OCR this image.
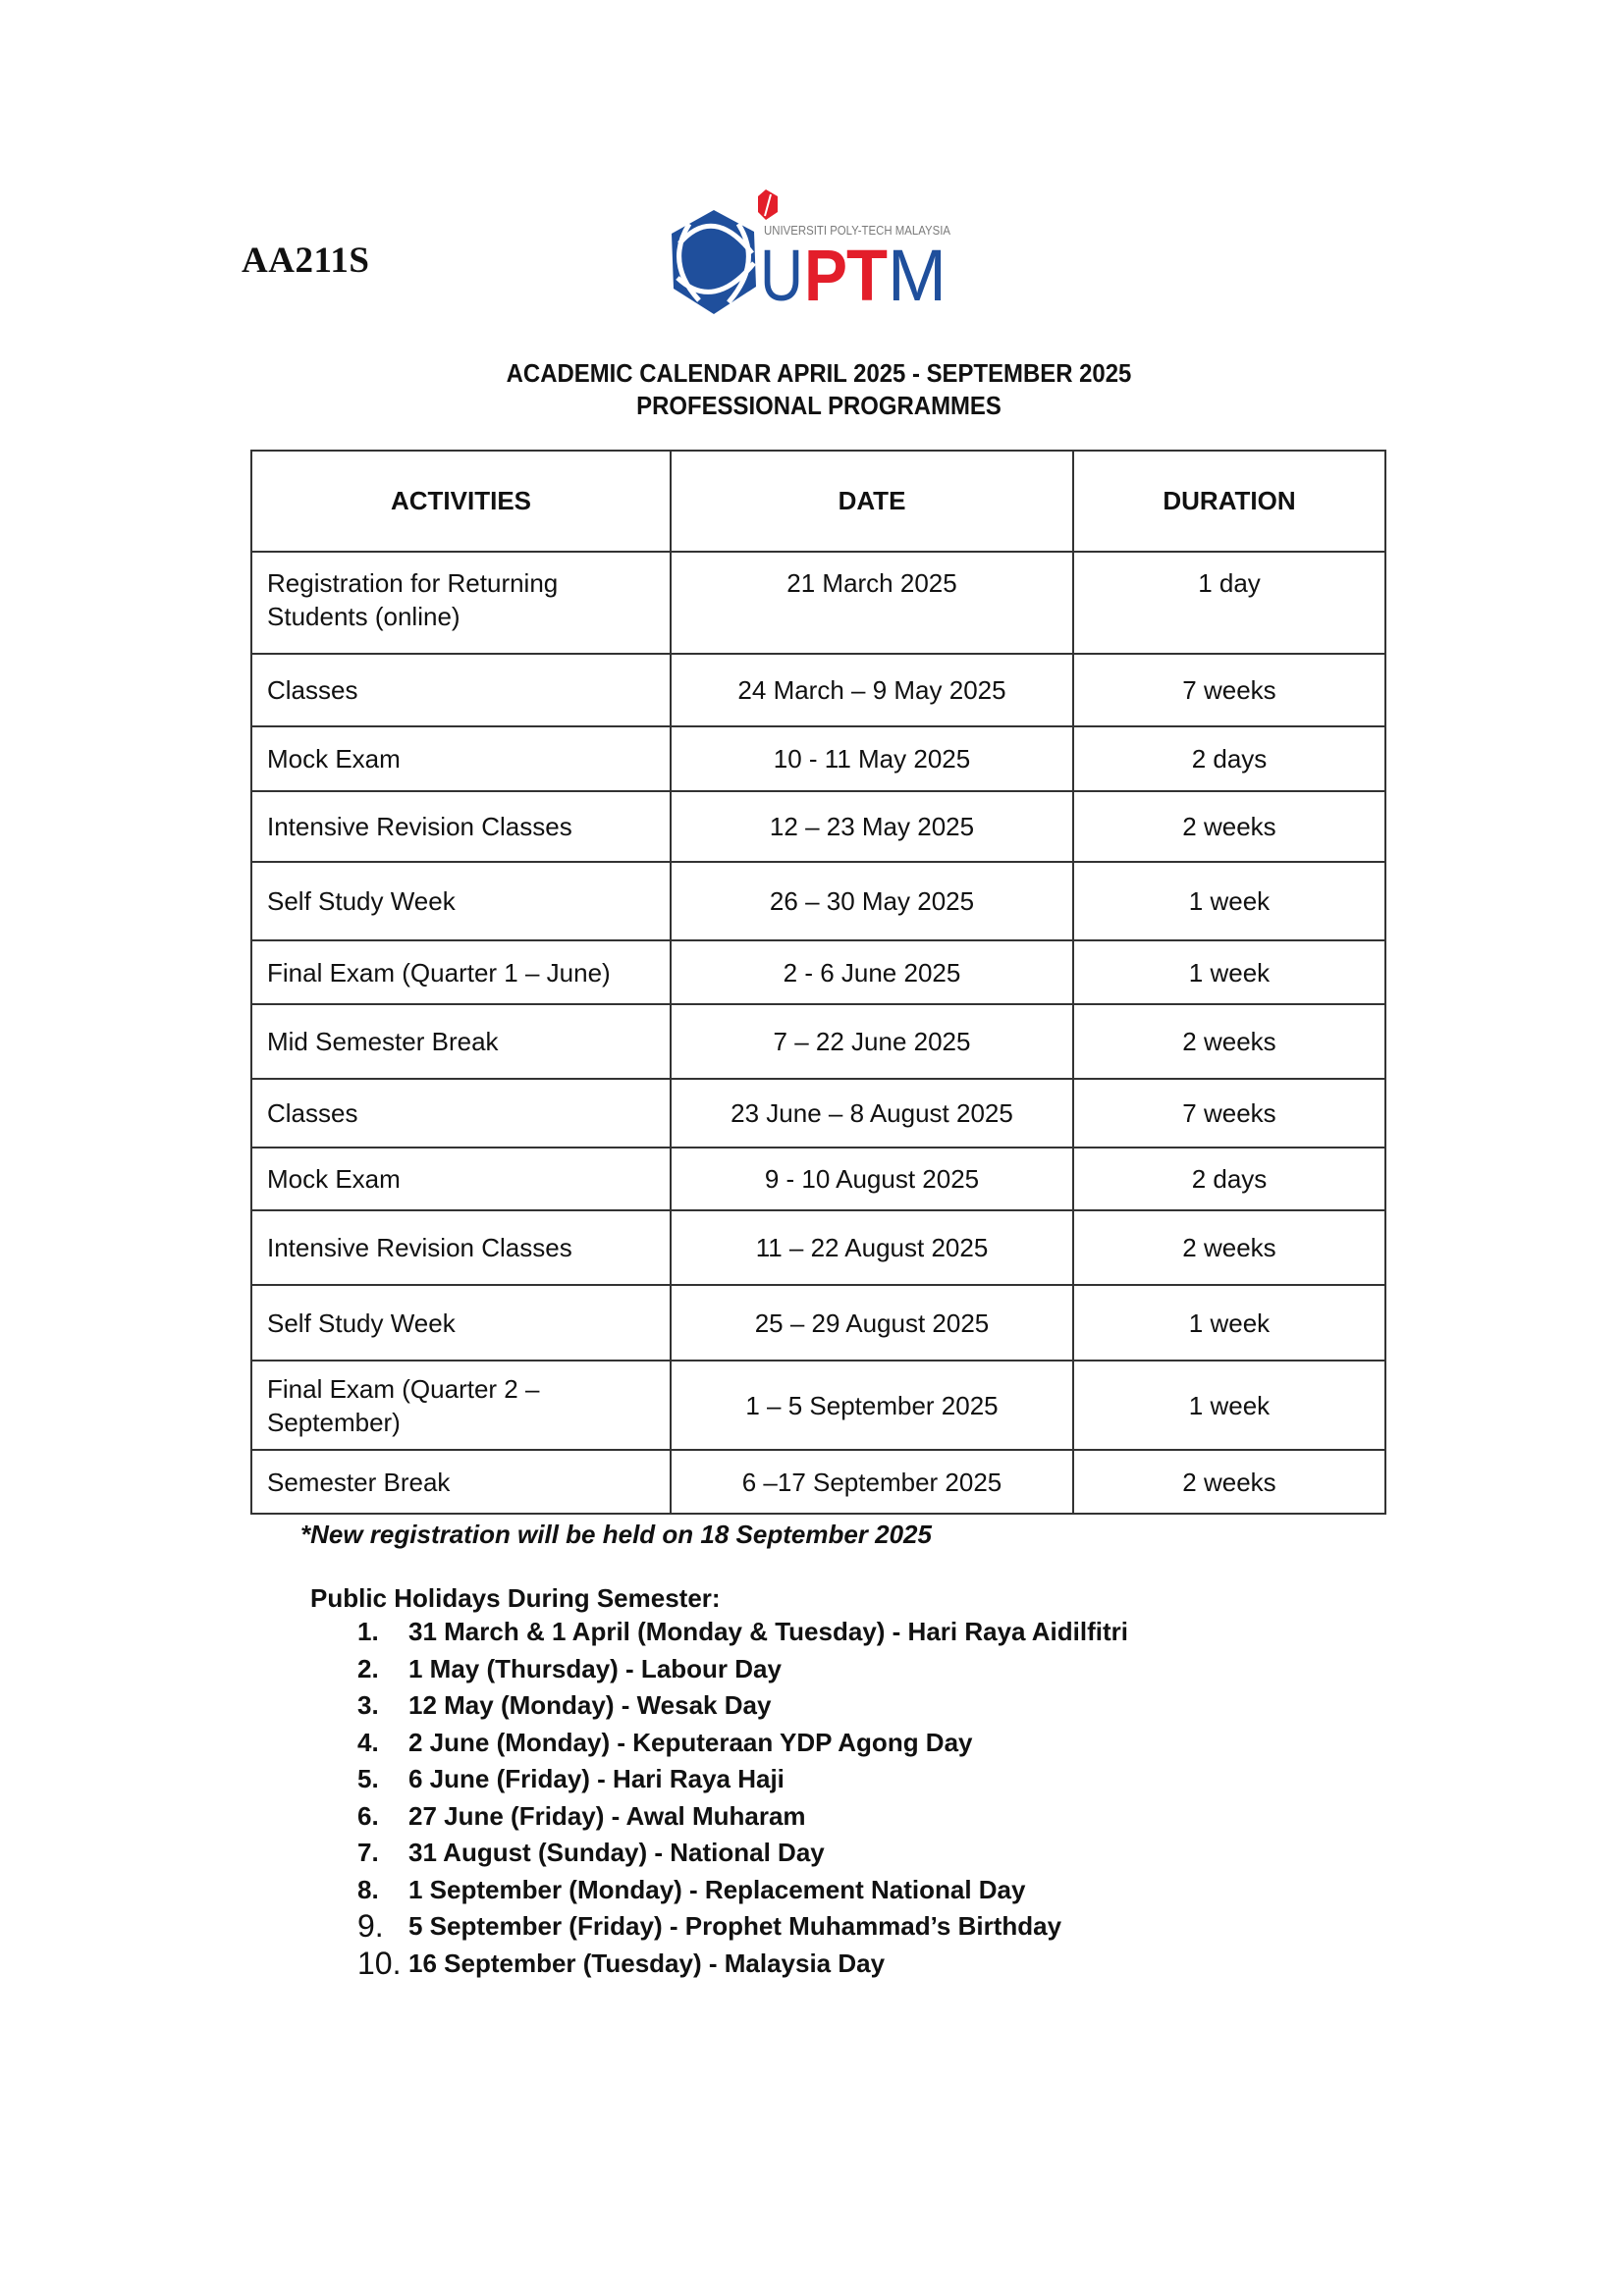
AA211S
UNIVERSITI POLY-TECH MALAYSIA
U P T M
ACADEMIC CALENDAR APRIL 2025 - SEPTEMBER 2025
PROFESSIONAL PROGRAMMES
ACTIVITIES	DATE	DURATION
Registration for Returning Students (online)	21 March 2025	1 day
Classes	24 March – 9 May 2025	7 weeks
Mock Exam	10 - 11 May 2025	2 days
Intensive Revision Classes	12 – 23 May 2025	2 weeks
Self Study Week	26 – 30 May 2025	1 week
Final Exam (Quarter 1 – June)	2 - 6 June 2025	1 week
Mid Semester Break	7 – 22 June 2025	2 weeks
Classes	23 June – 8 August 2025	7 weeks
Mock Exam	9 - 10 August 2025	2 days
Intensive Revision Classes	11 – 22 August 2025	2 weeks
Self Study Week	25 – 29 August 2025	1 week
Final Exam (Quarter 2 – September)	1 – 5 September 2025	1 week
Semester Break	6 –17 September 2025	2 weeks
*New registration will be held on 18 September 2025
Public Holidays During Semester:
1.	31 March & 1 April (Monday & Tuesday) - Hari Raya Aidilfitri
2.	1 May (Thursday) - Labour Day
3.	12 May (Monday) - Wesak Day
4.	2 June (Monday) - Keputeraan YDP Agong Day
5.	6 June (Friday) - Hari Raya Haji
6.	27 June (Friday) - Awal Muharam
7.	31 August (Sunday) - National Day
8.	1 September (Monday) - Replacement National Day
9. 5 September (Friday) - Prophet Muhammad’s Birthday
10. 16 September (Tuesday) - Malaysia Day
